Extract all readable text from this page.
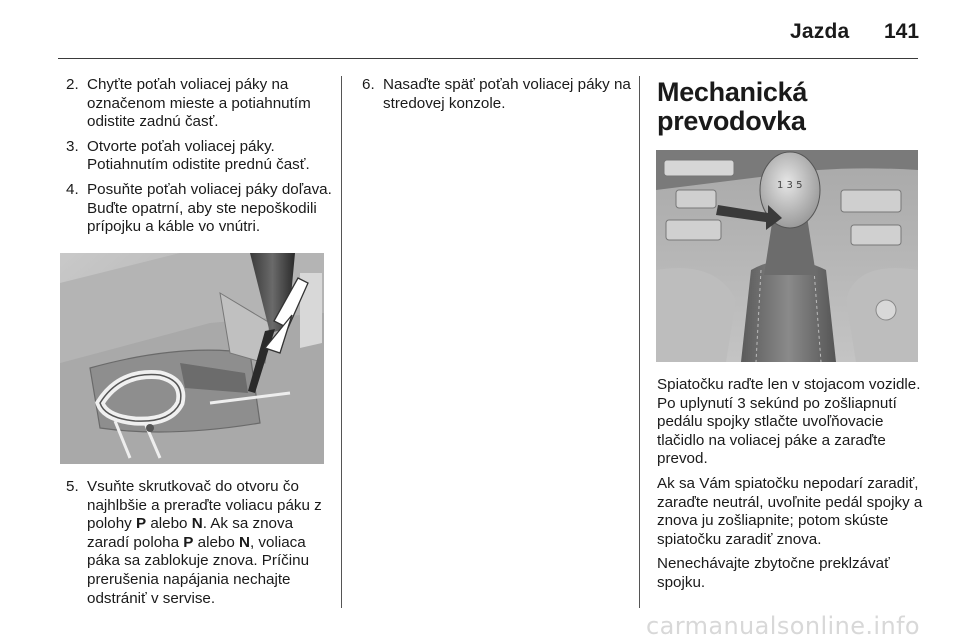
Jazda 141
2. Chyťte poťah voliacej páky na označenom mieste a potiahnutím odistite zadnú časť.
3. Otvorte poťah voliacej páky. Potiahnutím odistite prednú časť.
4. Posuňte poťah voliacej páky doľava. Buďte opatrní, aby ste nepoškodili prípojku a káble vo vnútri.
5. Vsuňte skrutkovač do otvoru čo najhlbšie a preraďte voliacu páku z polohy P alebo N. Ak sa znova zaradí poloha P alebo N, voliaca páka sa zablokuje znova. Príčinu prerušenia napájania nechajte odstrániť v servise.
6. Nasaďte späť poťah voliacej páky na stredovej konzole.	Mechanická
prevodovka
1 3 5

Spiatočku raďte len v stojacom vozidle. Po uplynutí 3 sekúnd po zošliapnutí pedálu spojky stlačte uvoľňovacie tlačidlo na voliacej páke a zaraďte prevod.

Ak sa Vám spiatočku nepodarí zaradiť, zaraďte neutrál, uvoľnite pedál spojky a znova ju zošliapnite; potom skúste spiatočku zaradiť znova.

Nenechávajte zbytočne preklzávať spojku.

carmanualsonline.info
